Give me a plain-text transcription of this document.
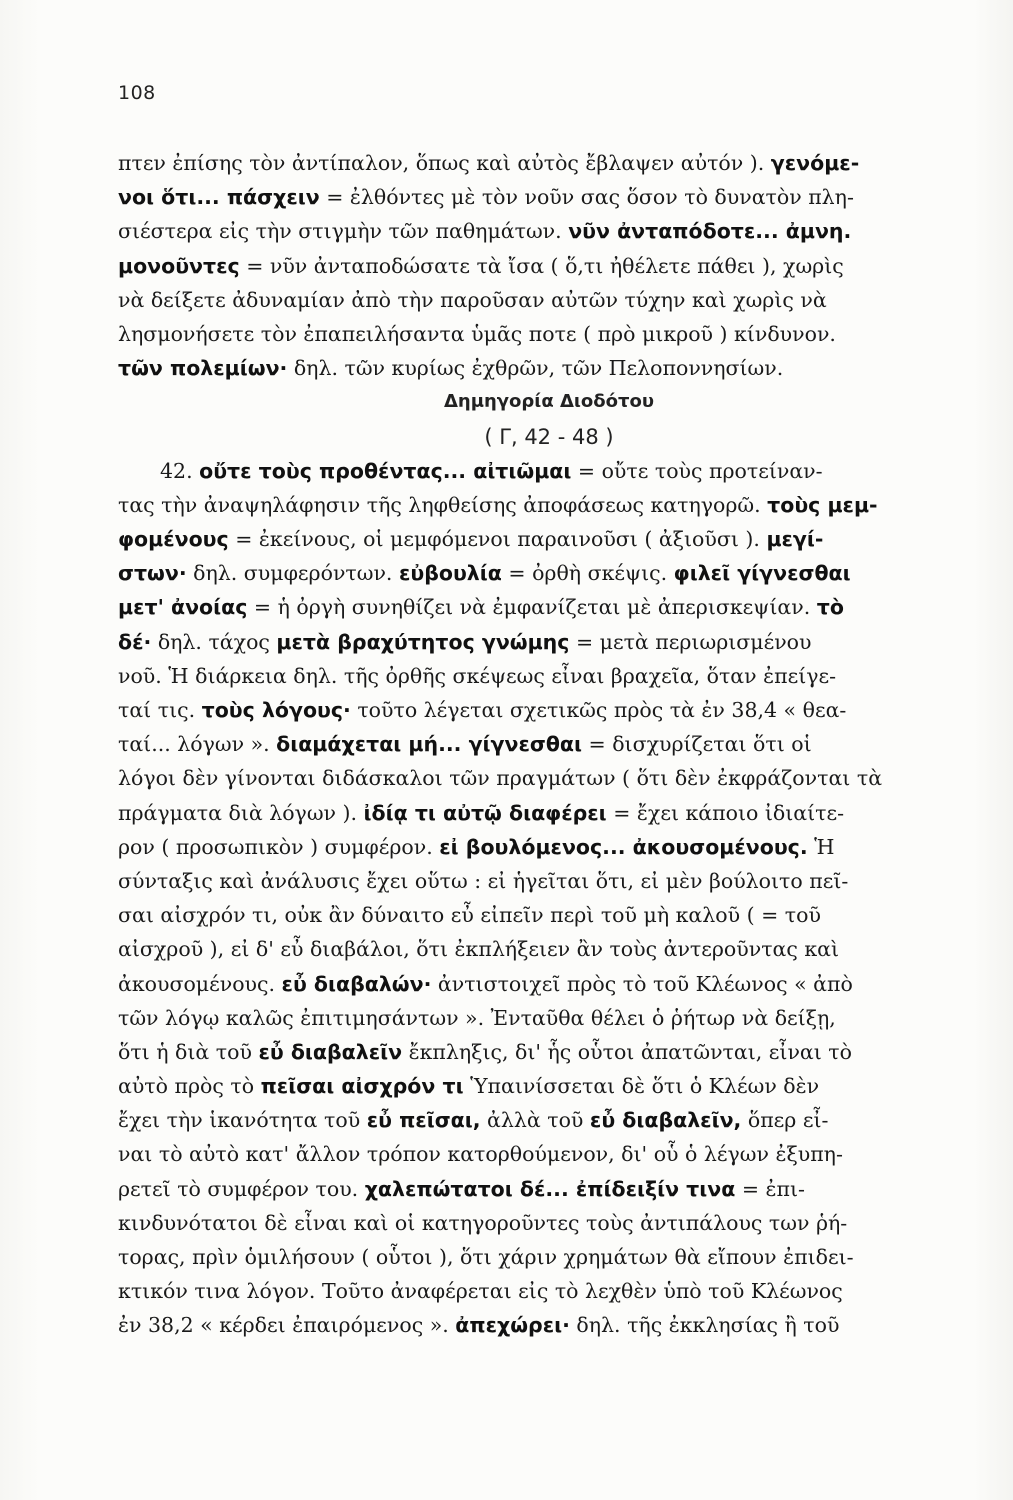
108
πτεν ἐπίσης τὸν ἀντίπαλον, ὅπως καὶ αὐτὸς ἔβλαψεν αὐτόν ). γενόμε-
νοι ὅτι... πάσχειν = ἐλθόντες μὲ τὸν νοῦν σας ὅσον τὸ δυνατὸν πλη-
σιέστερα εἰς τὴν στιγμὴν τῶν παθημάτων. νῦν ἀνταπόδοτε... ἀμνη.
μονοῦντες = νῦν ἀνταποδώσατε τὰ ἴσα ( ὅ,τι ἠθέλετε πάθει ), χωρὶς
νὰ δείξετε ἀδυναμίαν ἀπὸ τὴν παροῦσαν αὐτῶν τύχην καὶ χωρὶς νὰ
λησμονήσετε τὸν ἐπαπειλήσαντα ὑμᾶς ποτε ( πρὸ μικροῦ ) κίνδυνον.
τῶν πολεμίων· δηλ. τῶν κυρίως ἐχθρῶν, τῶν Πελοποννησίων.
Δημηγορία Διοδότου
( Γ, 42 - 48 )
42. οὔτε τοὺς προθέντας... αἰτιῶμαι = οὔτε τοὺς προτείναν-
τας τὴν ἀναψηλάφησιν τῆς ληφθείσης ἀποφάσεως κατηγορῶ. τοὺς μεμ-
φομένους = ἐκείνους, οἱ μεμφόμενοι παραινοῦσι ( ἀξιοῦσι ). μεγί-
στων· δηλ. συμφερόντων. εὐβουλία = ὀρθὴ σκέψις. φιλεῖ γίγνεσθαι
μετ' ἀνοίας = ἡ ὀργὴ συνηθίζει νὰ ἐμφανίζεται μὲ ἀπερισκεψίαν. τὸ
δέ· δηλ. τάχος μετὰ βραχύτητος γνώμης = μετὰ περιωρισμένου
νοῦ. Ἡ διάρκεια δηλ. τῆς ὀρθῆς σκέψεως εἶναι βραχεῖα, ὅταν ἐπείγε-
ταί τις. τοὺς λόγους· τοῦτο λέγεται σχετικῶς πρὸς τὰ ἐν 38,4 « θεα-
ταί... λόγων ». διαμάχεται μή... γίγνεσθαι = δισχυρίζεται ὅτι οἱ
λόγοι δὲν γίνονται διδάσκαλοι τῶν πραγμάτων ( ὅτι δὲν ἐκφράζονται τὰ
πράγματα διὰ λόγων ). ἰδίᾳ τι αὐτῷ διαφέρει = ἔχει κάποιο ἰδιαίτε-
ρον ( προσωπικὸν ) συμφέρον. εἰ βουλόμενος... ἀκουσομένους. Ἡ
σύνταξις καὶ ἀνάλυσις ἔχει οὕτω : εἰ ἡγεῖται ὅτι, εἰ μὲν βούλοιτο πεῖ-
σαι αἰσχρόν τι, οὐκ ἂν δύναιτο εὖ εἰπεῖν περὶ τοῦ μὴ καλοῦ ( = τοῦ
αἰσχροῦ ), εἰ δ' εὖ διαβάλοι, ὅτι ἐκπλήξειεν ἂν τοὺς ἀντεροῦντας καὶ
ἀκουσομένους. εὖ διαβαλών· ἀντιστοιχεῖ πρὸς τὸ τοῦ Κλέωνος « ἀπὸ
τῶν λόγῳ καλῶς ἐπιτιμησάντων ». Ἐνταῦθα θέλει ὁ ῥήτωρ νὰ δείξῃ,
ὅτι ἡ διὰ τοῦ εὖ διαβαλεῖν ἔκπληξις, δι' ἧς οὗτοι ἀπατῶνται, εἶναι τὸ
αὐτὸ πρὸς τὸ πεῖσαι αἰσχρόν τι Ὑπαινίσσεται δὲ ὅτι ὁ Κλέων δὲν
ἔχει τὴν ἱκανότητα τοῦ εὖ πεῖσαι, ἀλλὰ τοῦ εὖ διαβαλεῖν, ὅπερ εἶ-
ναι τὸ αὐτὸ κατ' ἄλλον τρόπον κατορθούμενον, δι' οὗ ὁ λέγων ἐξυπη-
ρετεῖ τὸ συμφέρον του. χαλεπώτατοι δέ... ἐπίδειξίν τινα = ἐπι-
κινδυνότατοι δὲ εἶναι καὶ οἱ κατηγοροῦντες τοὺς ἀντιπάλους των ῥή-
τορας, πρὶν ὁμιλήσουν ( οὗτοι ), ὅτι χάριν χρημάτων θὰ εἴπουν ἐπιδει-
κτικόν τινα λόγον. Τοῦτο ἀναφέρεται εἰς τὸ λεχθὲν ὑπὸ τοῦ Κλέωνος
ἐν 38,2 « κέρδει ἐπαιρόμενος ». ἀπεχώρει· δηλ. τῆς ἐκκλησίας ἢ τοῦ
